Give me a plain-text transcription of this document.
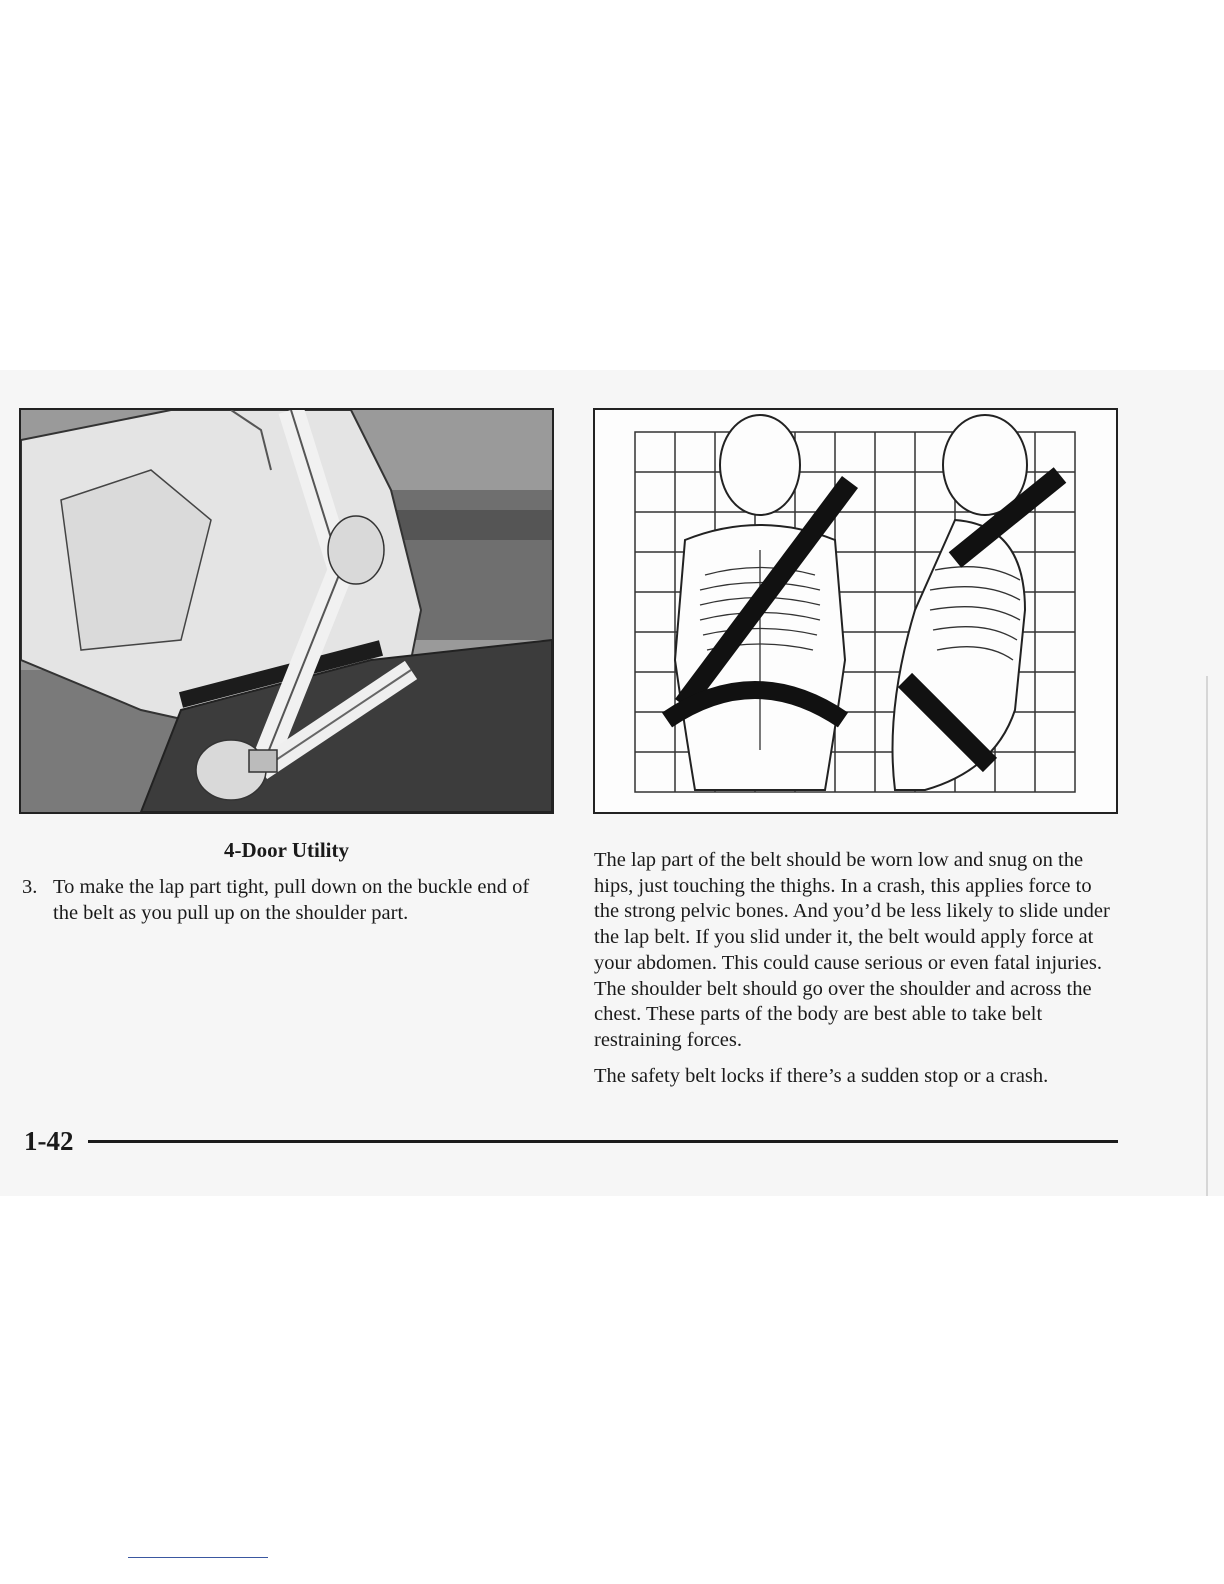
4-Door Utility
3. To make the lap part tight, pull down on the buckle end of the belt as you pull up on the shoulder part.

The lap part of the belt should be worn low and snug on the hips, just touching the thighs. In a crash, this applies force to the strong pelvic bones. And you’d be less likely to slide under the lap belt. If you slid under it, the belt would apply force at your abdomen. This could cause serious or even fatal injuries. The shoulder belt should go over the shoulder and across the chest. These parts of the body are best able to take belt restraining forces.

The safety belt locks if there’s a sudden stop or a crash.

1-42
